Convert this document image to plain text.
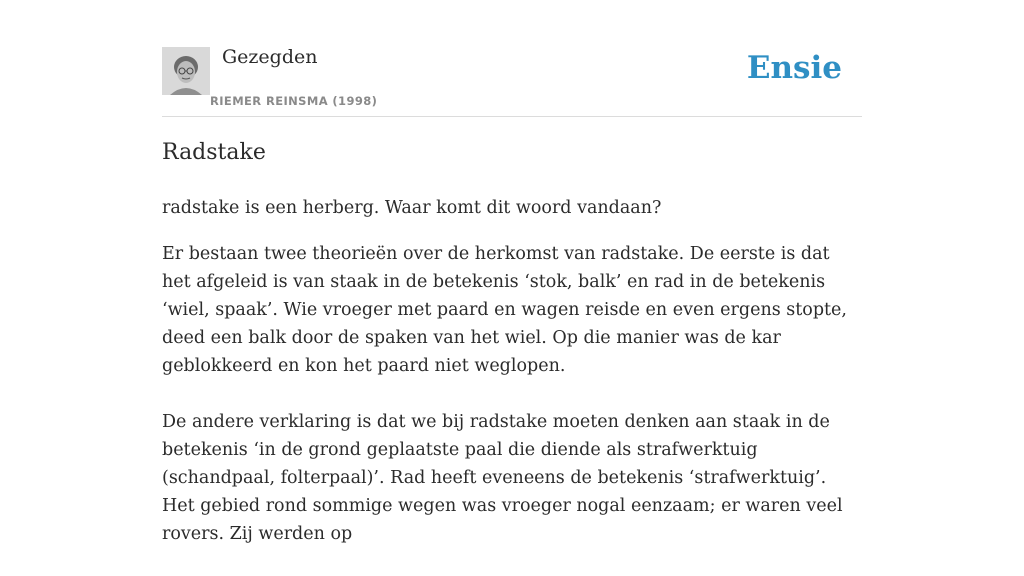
Gezegden
RIEMER REINSMA (1998)
Ensie
Radstake

radstake is een herberg. Waar komt dit woord vandaan?

Er bestaan twee theorieën over de herkomst van radstake. De eerste is dat het afgeleid is van staak in de betekenis ‘stok, balk’ en rad in de betekenis ‘wiel, spaak’. Wie vroeger met paard en wagen reisde en even ergens stopte, deed een balk door de spaken van het wiel. Op die manier was de kar geblokkeerd en kon het paard niet weglopen.

De andere verklaring is dat we bij radstake moeten denken aan staak in de betekenis ‘in de grond geplaatste paal die diende als strafwerktuig (schandpaal, folterpaal)’. Rad heeft eveneens de betekenis ‘strafwerktuig’. Het gebied rond sommige wegen was vroeger nogal eenzaam; er waren veel rovers. Zij werden op
